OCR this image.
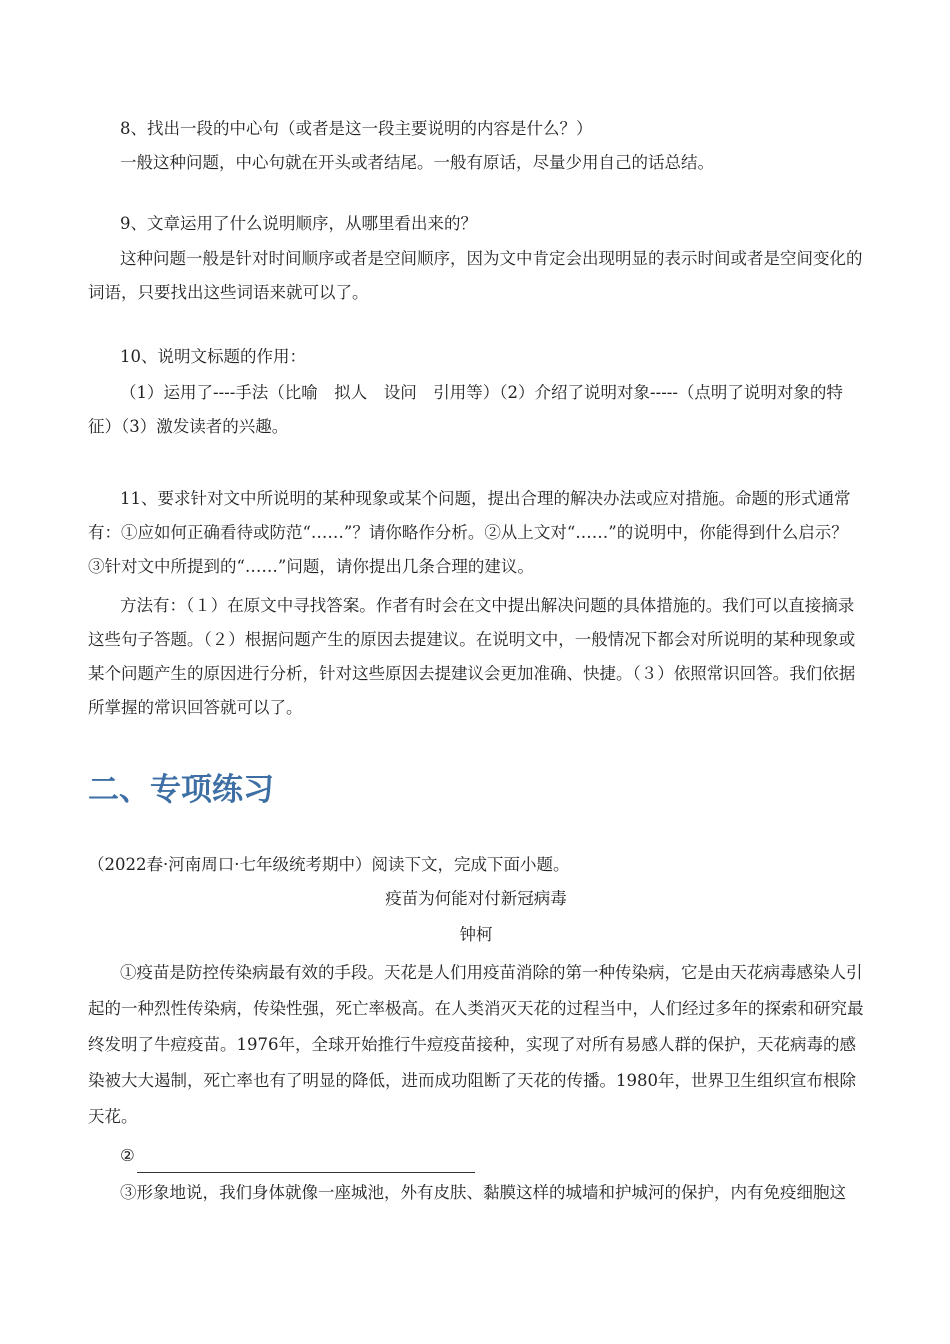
8、找出一段的中心句（或者是这一段主要说明的内容是什么？）

一般这种问题，中心句就在开头或者结尾。一般有原话，尽量少用自己的话总结。

9、文章运用了什么说明顺序，从哪里看出来的？

这种问题一般是针对时间顺序或者是空间顺序，因为文中肯定会出现明显的表示时间或者是空间变化的词语，只要找出这些词语来就可以了。

10、说明文标题的作用：

（1）运用了----手法（比喻　拟人　设问　引用等）（2）介绍了说明对象-----（点明了说明对象的特征）（3）激发读者的兴趣。

11、要求针对文中所说明的某种现象或某个问题，提出合理的解决办法或应对措施。命题的形式通常有：①应如何正确看待或防范“……”？请你略作分析。②从上文对“……”的说明中，你能得到什么启示？③针对文中所提到的“……”问题，请你提出几条合理的建议。

方法有：（１）在原文中寻找答案。作者有时会在文中提出解决问题的具体措施的。我们可以直接摘录这些句子答题。（２）根据问题产生的原因去提建议。在说明文中，一般情况下都会对所说明的某种现象或某个问题产生的原因进行分析，针对这些原因去提建议会更加准确、快捷。（３）依照常识回答。我们依据所掌握的常识回答就可以了。

二、专项练习

（2022春·河南周口·七年级统考期中）阅读下文，完成下面小题。

疫苗为何能对付新冠病毒

钟柯

①疫苗是防控传染病最有效的手段。天花是人们用疫苗消除的第一种传染病，它是由天花病毒感染人引起的一种烈性传染病，传染性强，死亡率极高。在人类消灭天花的过程当中，人们经过多年的探索和研究最终发明了牛痘疫苗。1976年，全球开始推行牛痘疫苗接种，实现了对所有易感人群的保护，天花病毒的感染被大大遏制，死亡率也有了明显的降低，进而成功阻断了天花的传播。1980年，世界卫生组织宣布根除天花。

②

③形象地说，我们身体就像一座城池，外有皮肤、黏膜这样的城墙和护城河的保护，内有免疫细胞这
